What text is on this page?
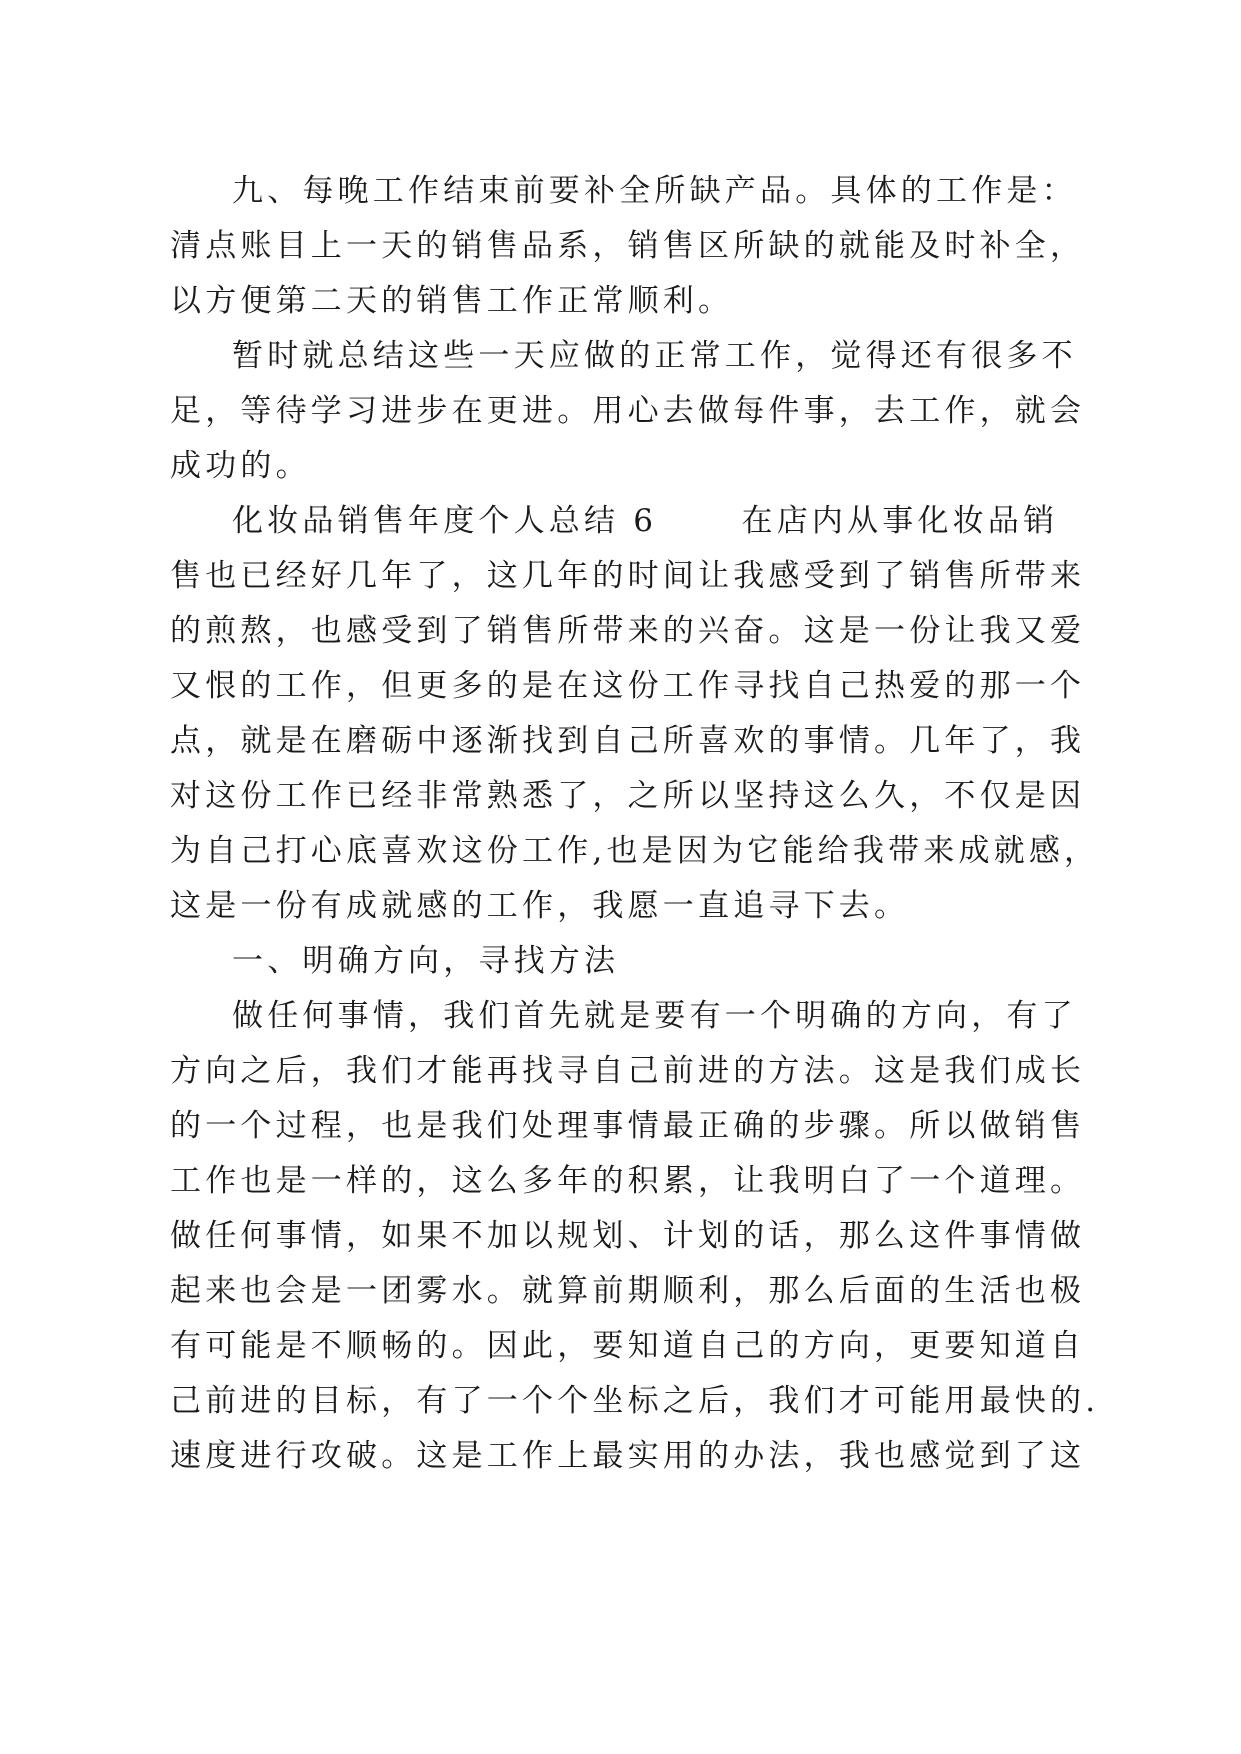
九、每晚工作结束前要补全所缺产品。具体的工作是：
清点账目上一天的销售品系，销售区所缺的就能及时补全，
以方便第二天的销售工作正常顺利。
暂时就总结这些一天应做的正常工作，觉得还有很多不
足，等待学习进步在更进。用心去做每件事，去工作，就会
成功的。
化妆品销售年度个人总结 6      在店内从事化妆品销
售也已经好几年了，这几年的时间让我感受到了销售所带来
的煎熬，也感受到了销售所带来的兴奋。这是一份让我又爱
又恨的工作，但更多的是在这份工作寻找自己热爱的那一个
点，就是在磨砺中逐渐找到自己所喜欢的事情。几年了，我
对这份工作已经非常熟悉了，之所以坚持这么久，不仅是因
为自己打心底喜欢这份工作,也是因为它能给我带来成就感，
这是一份有成就感的工作，我愿一直追寻下去。
一、明确方向，寻找方法
做任何事情，我们首先就是要有一个明确的方向，有了
方向之后，我们才能再找寻自己前进的方法。这是我们成长
的一个过程，也是我们处理事情最正确的步骤。所以做销售
工作也是一样的，这么多年的积累，让我明白了一个道理。
做任何事情，如果不加以规划、计划的话，那么这件事情做
起来也会是一团雾水。就算前期顺利，那么后面的生活也极
有可能是不顺畅的。因此，要知道自己的方向，更要知道自
己前进的目标，有了一个个坐标之后，我们才可能用最快的.
速度进行攻破。这是工作上最实用的办法，我也感觉到了这
